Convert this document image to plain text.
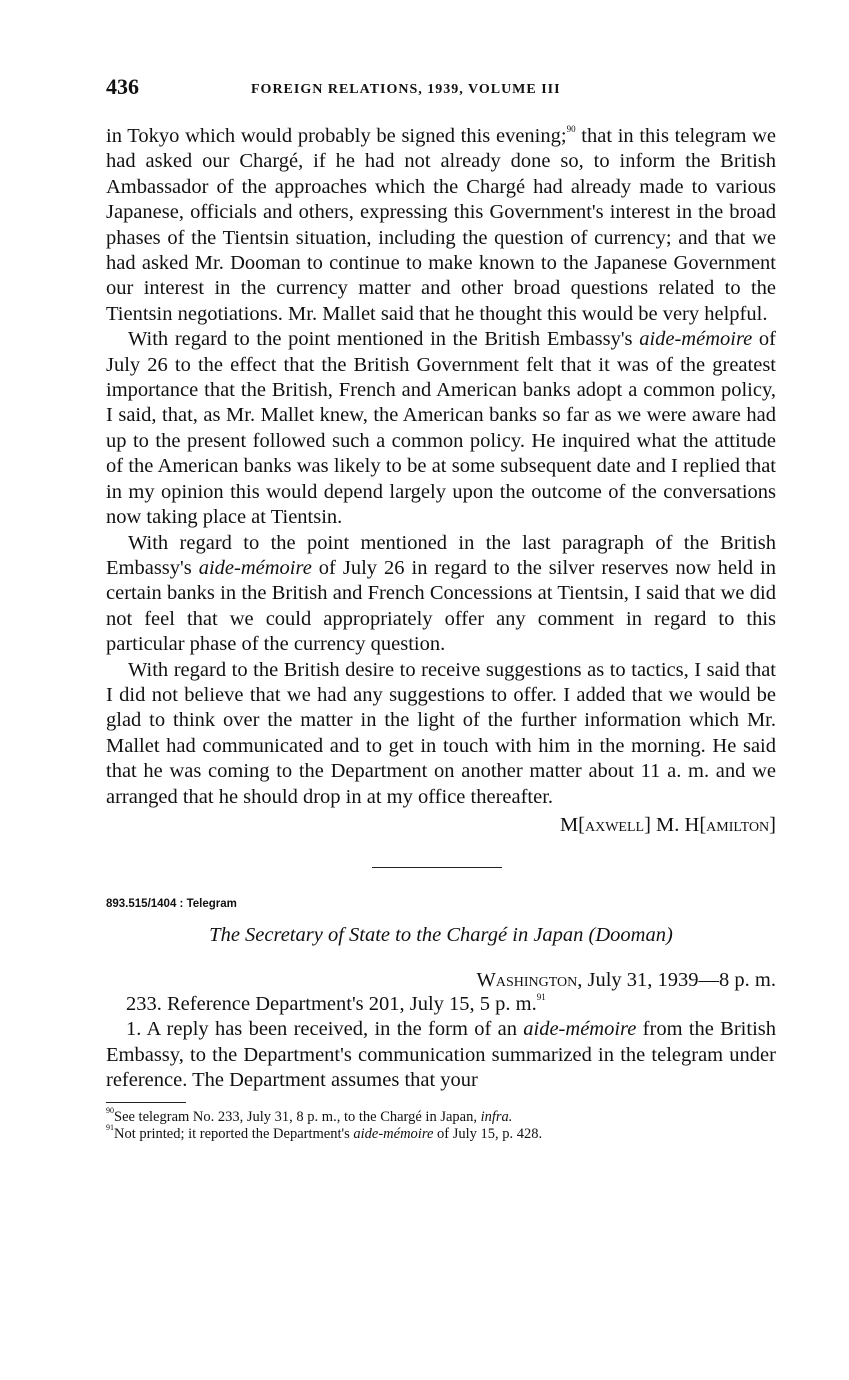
436	FOREIGN RELATIONS, 1939, VOLUME III

in Tokyo which would probably be signed this evening;$^{90}$ that in this telegram we had asked our Chargé, if he had not already done so, to inform the British Ambassador of the approaches which the Chargé had already made to various Japanese, officials and others, expressing this Government's interest in the broad phases of the Tientsin situation, including the question of currency; and that we had asked Mr. Dooman to continue to make known to the Japanese Government our interest in the currency matter and other broad questions related to the Tientsin negotiations. Mr. Mallet said that he thought this would be very helpful.

With regard to the point mentioned in the British Embassy's aide-mémoire of July 26 to the effect that the British Government felt that it was of the greatest importance that the British, French and American banks adopt a common policy, I said, that, as Mr. Mallet knew, the American banks so far as we were aware had up to the present followed such a common policy. He inquired what the attitude of the American banks was likely to be at some subsequent date and I replied that in my opinion this would depend largely upon the outcome of the conversations now taking place at Tientsin.

With regard to the point mentioned in the last paragraph of the British Embassy's aide-mémoire of July 26 in regard to the silver reserves now held in certain banks in the British and French Concessions at Tientsin, I said that we did not feel that we could appropriately offer any comment in regard to this particular phase of the currency question.

With regard to the British desire to receive suggestions as to tactics, I said that I did not believe that we had any suggestions to offer. I added that we would be glad to think over the matter in the light of the further information which Mr. Mallet had communicated and to get in touch with him in the morning. He said that he was coming to the Department on another matter about 11 a. m. and we arranged that he should drop in at my office thereafter.

M[axwell] M. H[amilton]
893.515/1404 : Telegram
The Secretary of State to the Chargé in Japan (Dooman)
Washington, July 31, 1939—8 p. m.

233. Reference Department's 201, July 15, 5 p. m.$^{91}$

1. A reply has been received, in the form of an aide-mémoire from the British Embassy, to the Department's communication summarized in the telegram under reference. The Department assumes that your

$^{90}$See telegram No. 233, July 31, 8 p. m., to the Chargé in Japan, infra.

$^{91}$Not printed; it reported the Department's aide-mémoire of July 15, p. 428.
